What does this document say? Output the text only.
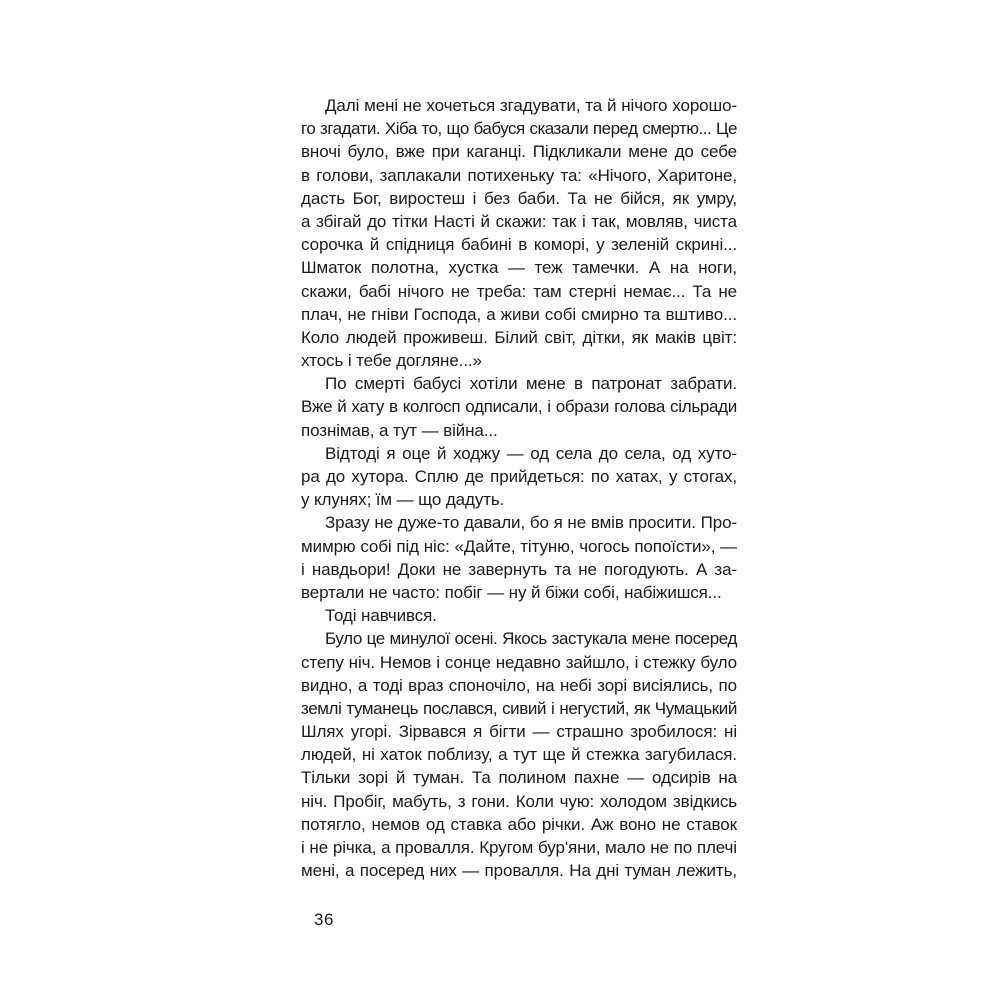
Далі мені не хочеться згадувати, та й нічого хорошо-
го згадати. Хіба то, що бабуся сказали перед смертю... Це
вночі було, вже при каганці. Підкликали мене до себе
в голови, заплакали потихеньку та: «Нічого, Харитоне,
дасть Бог, виростеш і без баби. Та не бійся, як умру,
а збігай до тітки Насті й скажи: так і так, мовляв, чиста
сорочка й спідниця бабині в коморі, у зеленій скрині...
Шматок полотна, хустка — теж тамечки. А на ноги,
скажи, бабі нічого не треба: там стерні немає... Та не
плач, не гніви Господа, а живи собі смирно та вштиво...
Коло людей проживеш. Білий світ, дітки, як маків цвіт:
хтось і тебе догляне...»
По смерті бабусі хотіли мене в патронат забрати.
Вже й хату в колгосп одписали, і образи голова сільради
познімав, а тут — війна...
Відтоді я оце й ходжу — од села до села, од хуто-
ра до хутора. Сплю де прийдеться: по хатах, у стогах,
у клунях; їм — що дадуть.
Зразу не дуже-то давали, бо я не вмів просити. Про-
мимрю собі під ніс: «Дайте, тітуню, чогось попоїсти», —
і навдьори! Доки не завернуть та не погодують. А за-
вертали не часто: побіг — ну й біжи собі, набіжишся...
Тоді навчився.
Було це минулої осені. Якось застукала мене посеред
степу ніч. Немов і сонце недавно зайшло, і стежку було
видно, а тоді враз споночіло, на небі зорі висіялись, по
землі туманець послався, сивий і негустий, як Чумацький
Шлях угорі. Зірвався я бігти — страшно зробилося: ні
людей, ні хаток поблизу, а тут ще й стежка загубилася.
Тільки зорі й туман. Та полином пахне — одсирів на
ніч. Пробіг, мабуть, з гони. Коли чую: холодом звідкись
потягло, немов од ставка або річки. Аж воно не ставок
і не річка, а провалля. Кругом бур'яни, мало не по плечі
мені, а посеред них — провалля. На дні туман лежить,
36
